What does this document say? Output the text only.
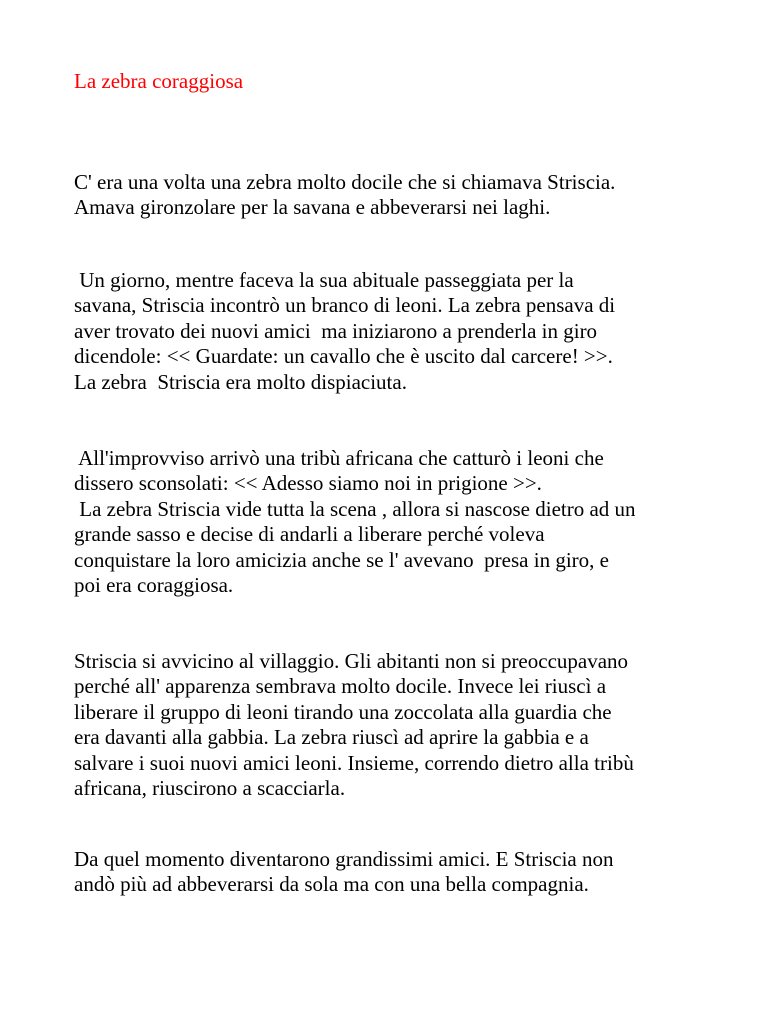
La zebra coraggiosa
C' era una volta una zebra molto docile che si chiamava Striscia.
Amava gironzolare per la savana e abbeverarsi nei laghi.
Un giorno, mentre faceva la sua abituale passeggiata per la
savana, Striscia incontrò un branco di leoni. La zebra pensava di
aver trovato dei nuovi amici  ma iniziarono a prenderla in giro
dicendole: << Guardate: un cavallo che è uscito dal carcere! >>.
La zebra  Striscia era molto dispiaciuta.
All'improvviso arrivò una tribù africana che catturò i leoni che
dissero sconsolati: << Adesso siamo noi in prigione >>.
La zebra Striscia vide tutta la scena , allora si nascose dietro ad un
grande sasso e decise di andarli a liberare perché voleva
conquistare la loro amicizia anche se l' avevano  presa in giro, e
poi era coraggiosa.
Striscia si avvicino al villaggio. Gli abitanti non si preoccupavano
perché all' apparenza sembrava molto docile. Invece lei riuscì a
liberare il gruppo di leoni tirando una zoccolata alla guardia che
era davanti alla gabbia. La zebra riuscì ad aprire la gabbia e a
salvare i suoi nuovi amici leoni. Insieme, correndo dietro alla tribù
africana, riuscirono a scacciarla.
Da quel momento diventarono grandissimi amici. E Striscia non
andò più ad abbeverarsi da sola ma con una bella compagnia.
